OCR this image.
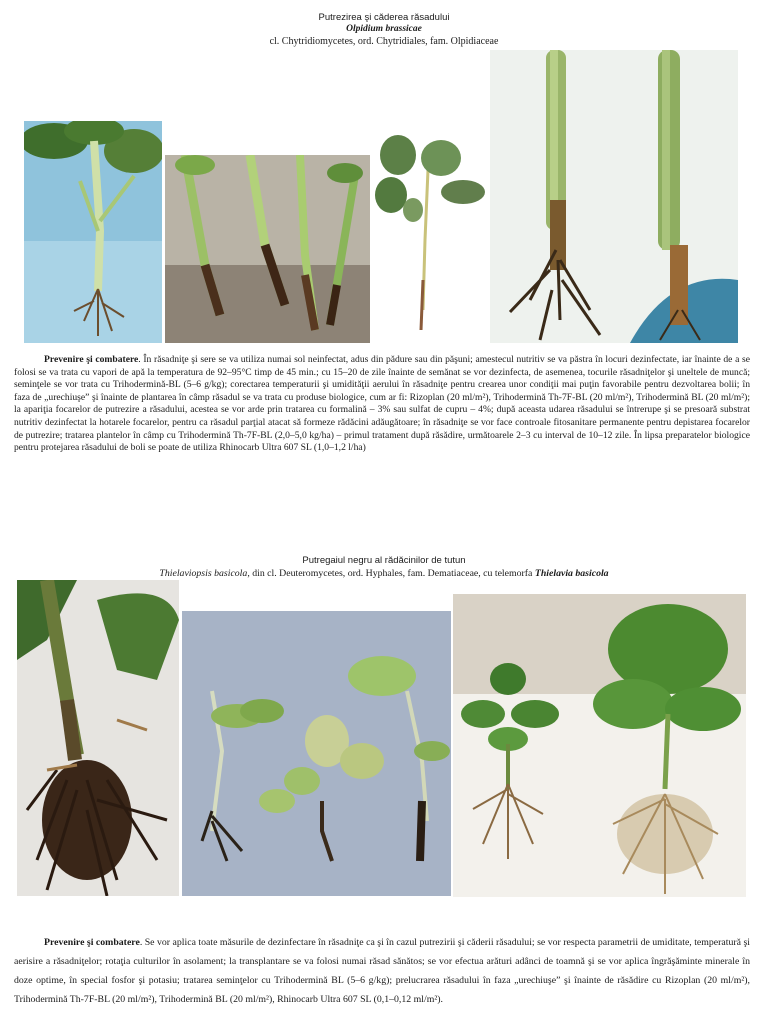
Putrezirea şi căderea răsadului
Olpidium brassicae
cl. Chytridiomycetes, ord. Chytridiales, fam. Olpidiaceae
Prevenire şi combatere. În răsadniţe şi sere se va utiliza numai sol neinfectat, adus din pădure sau din păşuni; amestecul nutritiv se va păstra în locuri dezinfectate, iar înainte de a se folosi se va trata cu vapori de apă la temperatura de 92–95°C timp de 45 min.; cu 15–20 de zile înainte de semănat se vor dezinfecta, de asemenea, tocurile răsadniţelor şi uneltele de muncă; seminţele se vor trata cu Trihodermină-BL (5–6 g/kg); corectarea temperaturii şi umidităţii aerului în răsadniţe pentru crearea unor condiţii mai puţin favorabile pentru dezvoltarea bolii; în faza de „urechiuşe” şi înainte de plantarea în câmp răsadul se va trata cu produse biologice, cum ar fi: Rizoplan (20 ml/m²), Trihodermină Th-7F-BL (20 ml/m²), Trihodermină BL (20 ml/m²); la apariţia focarelor de putrezire a răsadului, acestea se vor arde prin tratarea cu formalină – 3% sau sulfat de cupru – 4%; după aceasta udarea răsadului se întrerupe şi se presoară substrat nutritiv dezinfectat la hotarele focarelor, pentru ca răsadul parţial atacat să formeze rădăcini adăugătoare; în răsadniţe se vor face controale fitosanitare permanente pentru depistarea focarelor de putrezire; tratarea plantelor în câmp cu Trihodermină Th-7F-BL (2,0–5,0 kg/ha) – primul tratament după răsădire, următoarele 2–3 cu interval de 10–12 zile. În lipsa preparatelor biologice pentru protejarea răsadului de boli se poate de utiliza Rhinocarb Ultra 607 SL (1,0–1,2 l/ha)
Putregaiul negru al rădăcinilor de tutun
Thielaviopsis basicola, din cl. Deuteromycetes, ord. Hyphales, fam. Dematiaceae, cu telemorfa Thielavia basicola
Prevenire şi combatere. Se vor aplica toate măsurile de dezinfectare în răsadniţe ca şi în cazul putrezirii şi căderii răsadului; se vor respecta parametrii de umiditate, temperatură şi aerisire a răsadniţelor; rotaţia culturilor în asolament; la transplantare se va folosi numai răsad sănătos; se vor efectua arături adânci de toamnă şi se vor aplica îngrăşăminte minerale în doze optime, în special fosfor şi potasiu; tratarea seminţelor cu Trihodermină BL (5–6 g/kg); prelucrarea răsadului în faza „urechiuşe” şi înainte de răsădire cu Rizoplan (20 ml/m²), Trihodermină Th-7F-BL (20 ml/m²), Trihodermină BL (20 ml/m²), Rhinocarb Ultra 607 SL (0,1–0,12 ml/m²).
